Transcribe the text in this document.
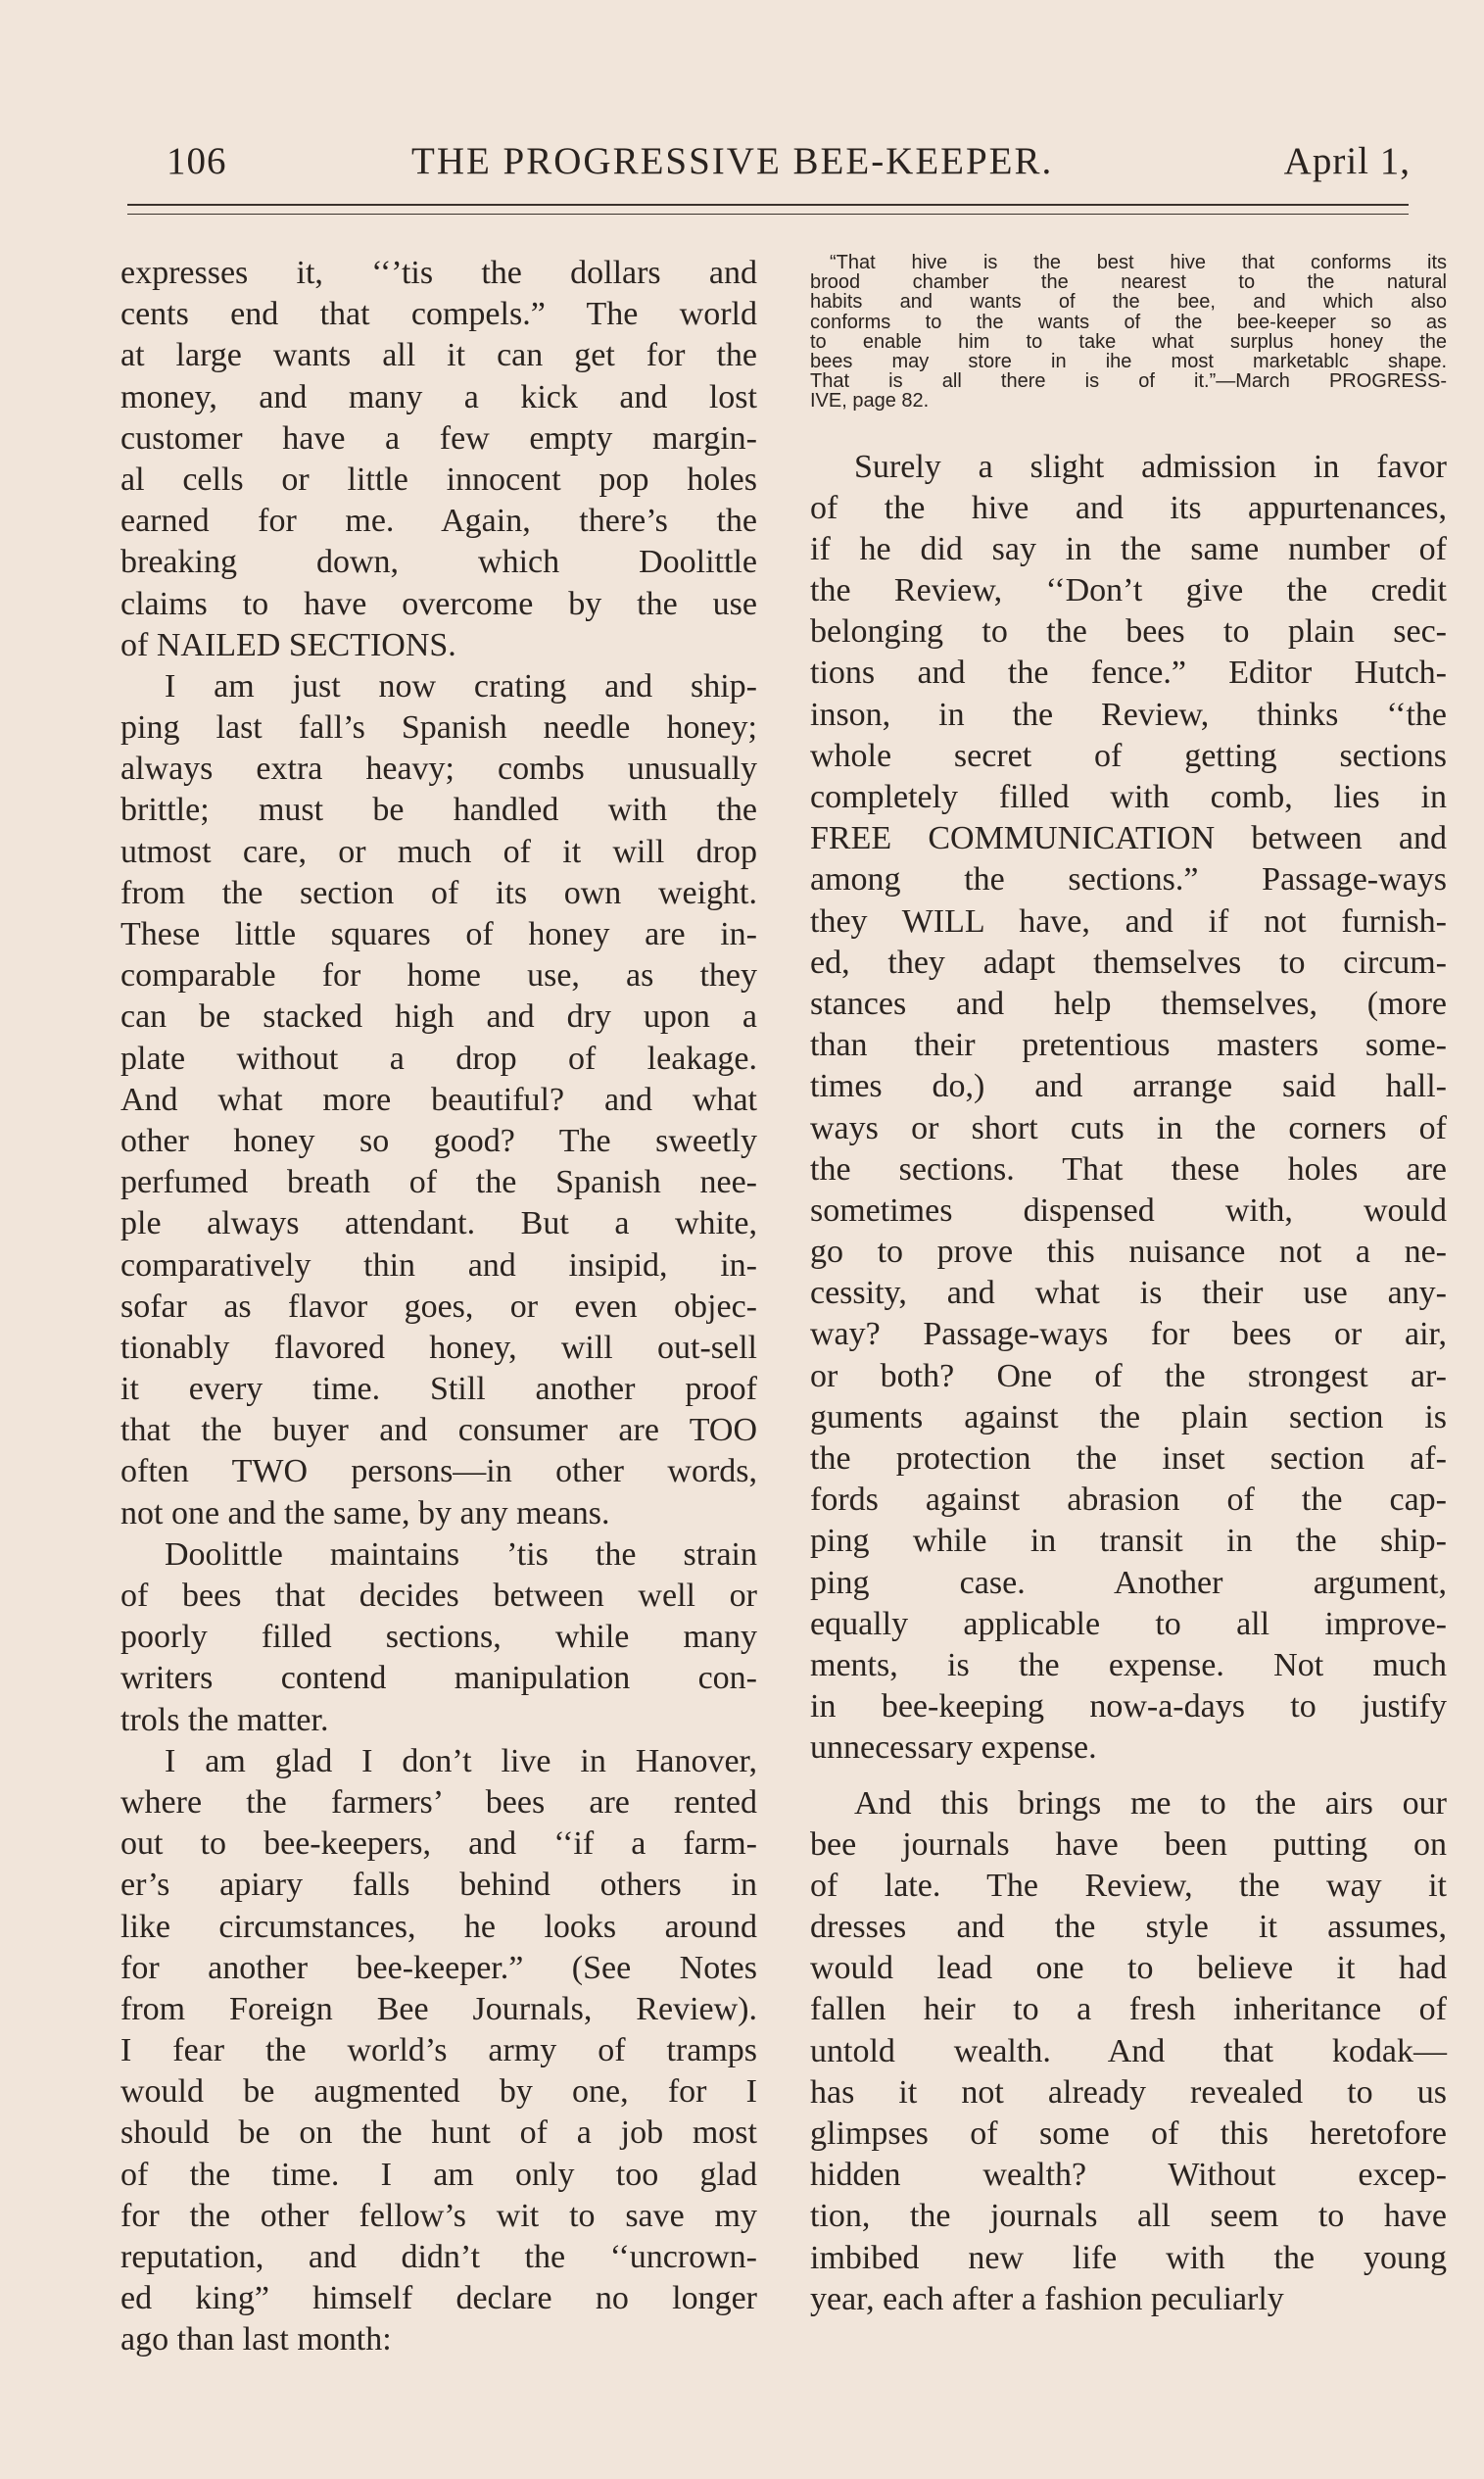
106	THE PROGRESSIVE BEE-KEEPER.	April 1,
expresses it, ‘‘’tis the dollars and
cents end that compels.” The world
at large wants all it can get for the
money, and many a kick and lost
customer have a few empty margin-
al cells or little innocent pop holes
earned for me. Again, there’s the
breaking down, which Doolittle
claims to have overcome by the use
of NAILED SECTIONS.
I am just now crating and ship-
ping last fall’s Spanish needle honey;
always extra heavy; combs unusually
brittle; must be handled with the
utmost care, or much of it will drop
from the section of its own weight.
These little squares of honey are in-
comparable for home use, as they
can be stacked high and dry upon a
plate without a drop of leakage.
And what more beautiful? and what
other honey so good? The sweetly
perfumed breath of the Spanish nee-
ple always attendant. But a white,
comparatively thin and insipid, in-
sofar as flavor goes, or even objec-
tionably flavored honey, will out-sell
it every time. Still another proof
that the buyer and consumer are TOO
often TWO persons—in other words,
not one and the same, by any means.
Doolittle maintains ’tis the strain
of bees that decides between well or
poorly filled sections, while many
writers contend manipulation con-
trols the matter.
I am glad I don’t live in Hanover,
where the farmers’ bees are rented
out to bee-keepers, and ‘‘if a farm-
er’s apiary falls behind others in
like circumstances, he looks around
for another bee-keeper.” (See Notes
from Foreign Bee Journals, Review).
I fear the world’s army of tramps
would be augmented by one, for I
should be on the hunt of a job most
of the time. I am only too glad
for the other fellow’s wit to save my
reputation, and didn’t the ‘‘uncrown-
ed king” himself declare no longer
ago than last month:
“That hive is the best hive that conforms its
brood chamber the nearest to the natural
habits and wants of the bee, and which also
conforms to the wants of the bee-keeper so as
to enable him to take what surplus honey the
bees may store in ihe most marketablc shape.
That is all there is of it.”—March PROGRESS-
IVE, page 82.
Surely a slight admission in favor
of the hive and its appurtenances,
if he did say in the same number of
the Review, ‘‘Don’t give the credit
belonging to the bees to plain sec-
tions and the fence.” Editor Hutch-
inson, in the Review, thinks ‘‘the
whole secret of getting sections
completely filled with comb, lies in
FREE COMMUNICATION between and
among the sections.” Passage-ways
they WILL have, and if not furnish-
ed, they adapt themselves to circum-
stances and help themselves, (more
than their pretentious masters some-
times do,) and arrange said hall-
ways or short cuts in the corners of
the sections. That these holes are
sometimes dispensed with, would
go to prove this nuisance not a ne-
cessity, and what is their use any-
way? Passage-ways for bees or air,
or both? One of the strongest ar-
guments against the plain section is
the protection the inset section af-
fords against abrasion of the cap-
ping while in transit in the ship-
ping case. Another argument,
equally applicable to all improve-
ments, is the expense. Not much
in bee-keeping now-a-days to justify
unnecessary expense.
And this brings me to the airs our
bee journals have been putting on
of late. The Review, the way it
dresses and the style it assumes,
would lead one to believe it had
fallen heir to a fresh inheritance of
untold wealth. And that kodak—
has it not already revealed to us
glimpses of some of this heretofore
hidden wealth? Without excep-
tion, the journals all seem to have
imbibed new life with the young
year, each after a fashion peculiarly
